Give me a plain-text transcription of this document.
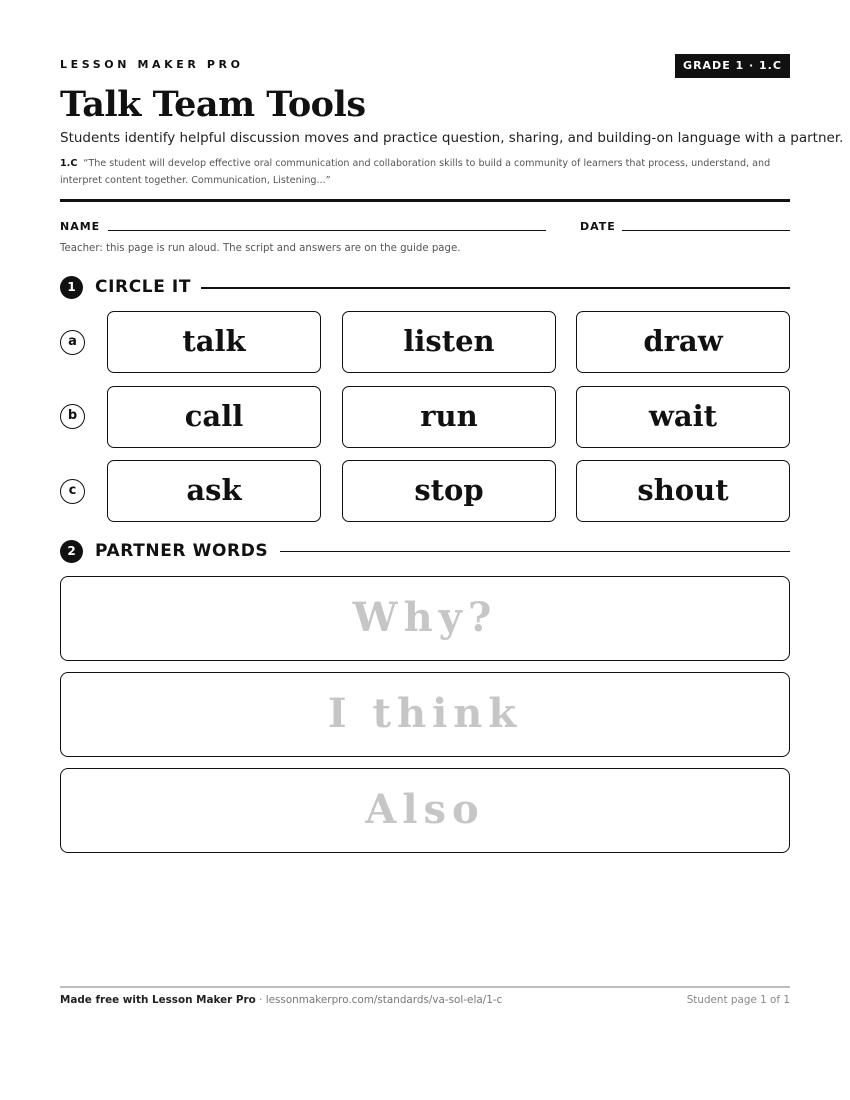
LESSON MAKER PRO	GRADE 1 · 1.C
Talk Team Tools
Students identify helpful discussion moves and practice question, sharing, and building-on language with a partner.
1.C “The student will develop effective oral communication and collaboration skills to build a community of learners that process, understand, and interpret content together. Communication, Listening...”
NAME	DATE
Teacher: this page is run aloud. The script and answers are on the guide page.
1	CIRCLE IT
a	talk	listen	draw
b	call	run	wait
c	ask	stop	shout
2	PARTNER WORDS
Why?
I think
Also
Made free with Lesson Maker Pro · lessonmakerpro.com/standards/va-sol-ela/1-c	Student page 1 of 1
